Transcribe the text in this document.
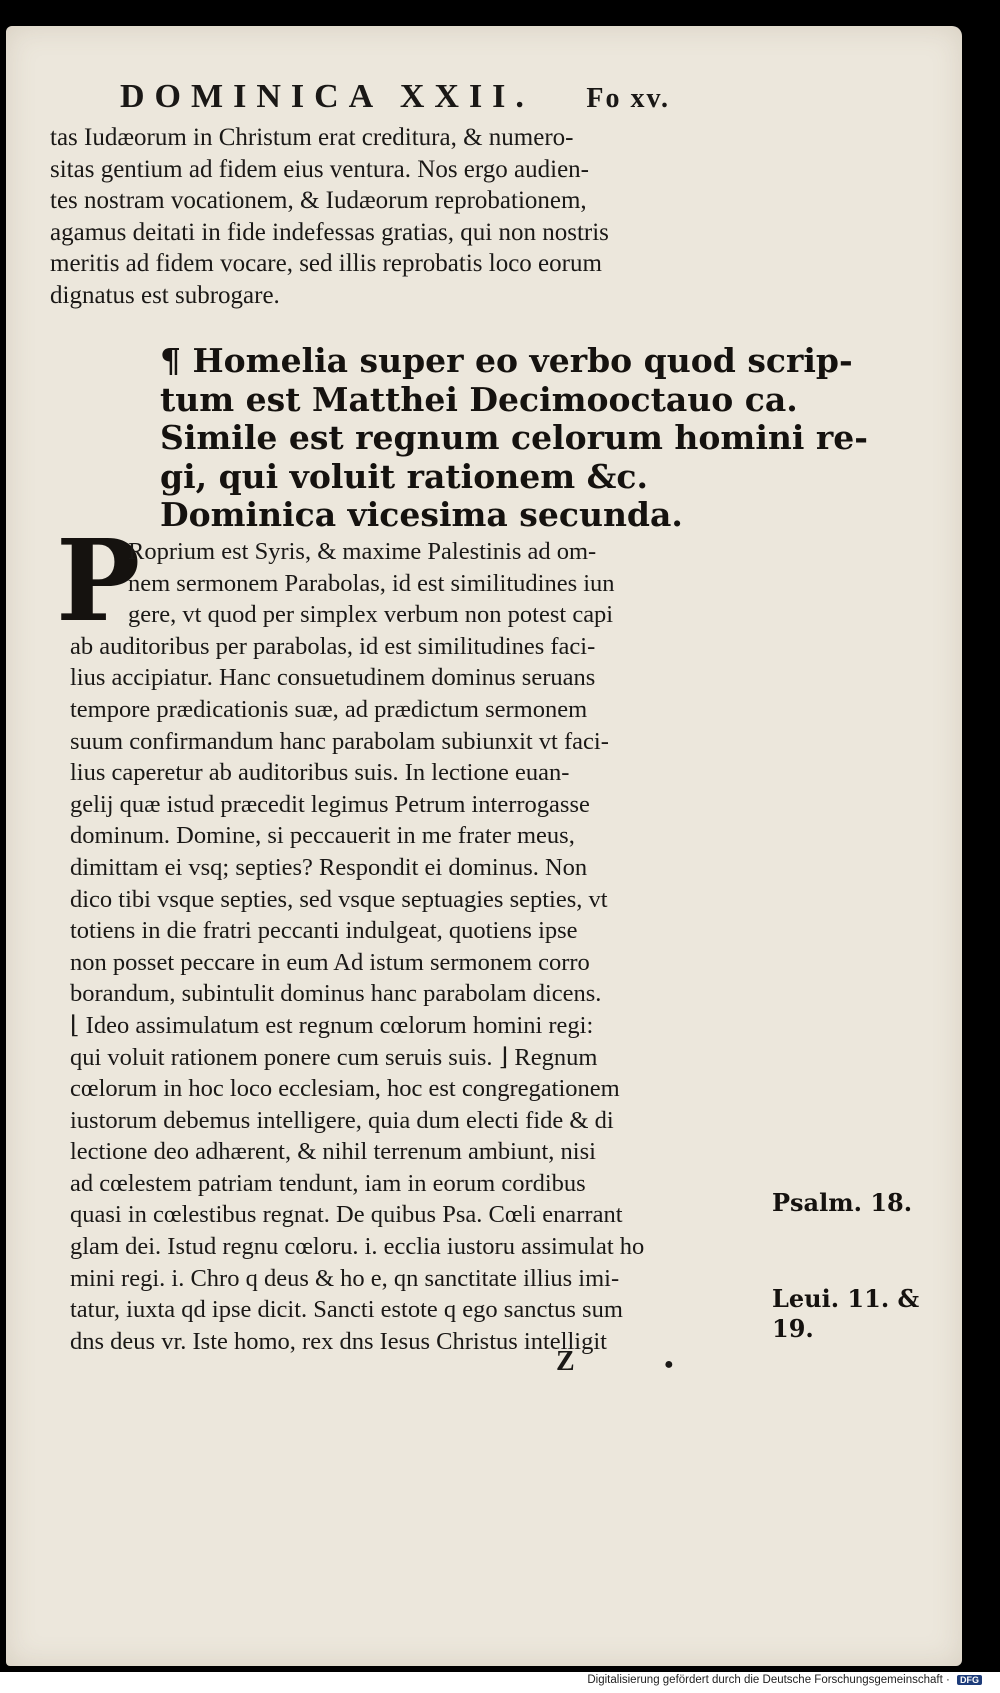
DOMINICA XXII. Fo xv.
tas Iudæorum in Christum erat creditura, & numero-
sitas gentium ad fidem eius ventura. Nos ergo audien-
tes nostram vocationem, & Iudæorum reprobationem,
agamus deitati in fide indefessas gratias, qui non nostris
meritis ad fidem vocare, sed illis reprobatis loco eorum
dignatus est subrogare.
¶ Homelia super eo verbo quod scrip-
tum est Matthei Decimooctauo ca.
Simile est regnum celorum homini re-
gi, qui voluit rationem &c.
Dominica vicesima secunda.
P
Roprium est Syris, & maxime Palestinis ad om-
nem sermonem Parabolas, id est similitudines iun
gere, vt quod per simplex verbum non potest capi
ab auditoribus per parabolas, id est similitudines faci-
lius accipiatur. Hanc consuetudinem dominus seruans
tempore prædicationis suæ, ad prædictum sermonem
suum confirmandum hanc parabolam subiunxit vt faci-
lius caperetur ab auditoribus suis. In lectione euan-
gelij quæ istud præcedit legimus Petrum interrogasse
dominum. Domine, si peccauerit in me frater meus,
dimittam ei vsq; septies? Respondit ei dominus. Non
dico tibi vsque septies, sed vsque septuagies septies, vt
totiens in die fratri peccanti indulgeat, quotiens ipse
non posset peccare in eum Ad istum sermonem corro
borandum, subintulit dominus hanc parabolam dicens.
⌊ Ideo assimulatum est regnum cœlorum homini regi:
qui voluit rationem ponere cum seruis suis. ⌋ Regnum
cœlorum in hoc loco ecclesiam, hoc est congregationem
iustorum debemus intelligere, quia dum electi fide & di
lectione deo adhærent, & nihil terrenum ambiunt, nisi
ad cœlestem patriam tendunt, iam in eorum cordibus
quasi in cœlestibus regnat. De quibus Psa. Cœli enarrant
glam dei. Istud regnu cœloru. i. ecclia iustoru assimulat ho
mini regi. i. Chro q deus & ho e, qn sanctitate illius imi-
tatur, iuxta qd ipse dicit. Sancti estote q ego sanctus sum
dns deus vr. Iste homo, rex dns Iesus Christus intelligit
Psalm. 18.
Leui. 11. &
19.
Z	●
Digitalisierung gefördert durch die Deutsche Forschungsgemeinschaft · DFG
